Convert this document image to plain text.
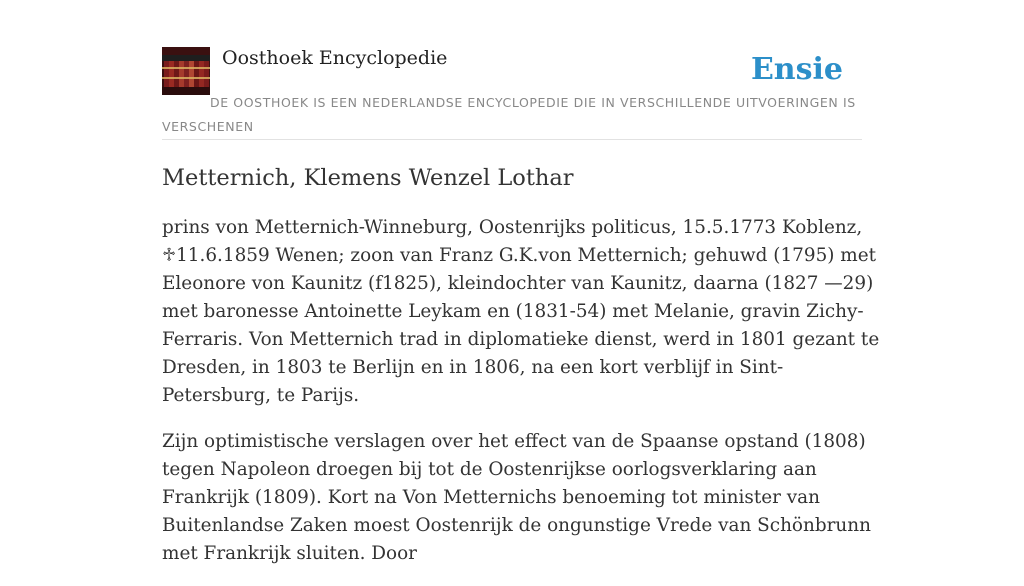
Oosthoek Encyclopedie	Ensie
DE OOSTHOEK IS EEN NEDERLANDSE ENCYCLOPEDIE DIE IN VERSCHILLENDE UITVOERINGEN IS VERSCHENEN
Metternich, Klemens Wenzel Lothar

prins von Metternich-Winneburg, Oostenrijks politicus, 15.5.1773 Koblenz, ♱11.6.1859 Wenen; zoon van Franz G.K.von Metternich; gehuwd (1795) met Eleonore von Kaunitz (f1825), kleindochter van Kaunitz, daarna (1827 —29) met baronesse Antoinette Leykam en (1831-54) met Melanie, gravin Zichy-Ferraris. Von Metternich trad in diplomatieke dienst, werd in 1801 gezant te Dresden, in 1803 te Berlijn en in 1806, na een kort verblijf in Sint-Petersburg, te Parijs.

Zijn optimistische verslagen over het effect van de Spaanse opstand (1808) tegen Napoleon droegen bij tot de Oostenrijkse oorlogsverklaring aan Frankrijk (1809). Kort na Von Metternichs benoeming tot minister van Buitenlandse Zaken moest Oostenrijk de ongunstige Vrede van Schönbrunn met Frankrijk sluiten. Door
